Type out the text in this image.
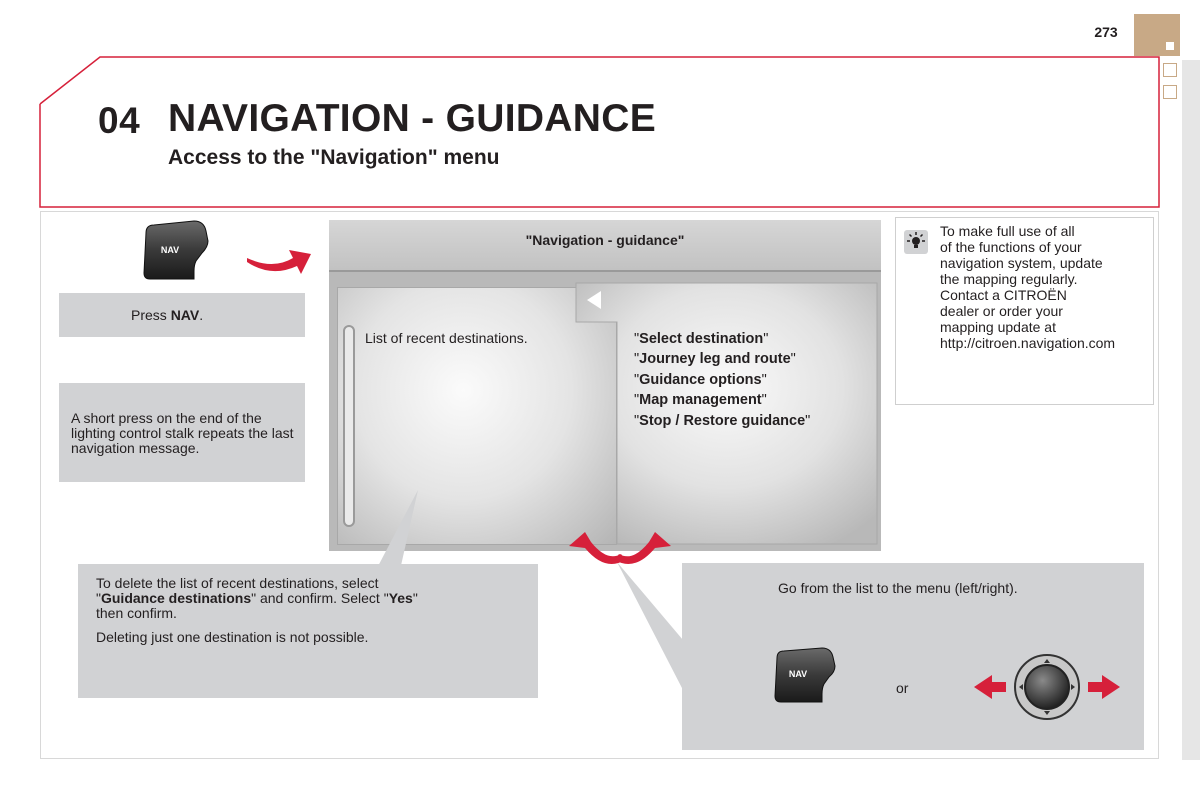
273
04 NAVIGATION - GUIDANCE
Access to the "Navigation" menu
NAV
Press NAV.
A short press on the end of the lighting control stalk repeats the last navigation message.
"Navigation - guidance"
List of recent destinations.	"Select destination"
"Journey leg and route"
"Guidance options"
"Map management"
"Stop / Restore guidance"
To make full use of all
of the functions of your
navigation system, update
the mapping regularly.
Contact a CITROËN
dealer or order your
mapping update at
http://citroen.navigation.com
To delete the list of recent destinations, select
"Guidance destinations" and confirm. Select "Yes"
then confirm.
Deleting just one destination is not possible.
Go from the list to the menu (left/right).
or
NAV
